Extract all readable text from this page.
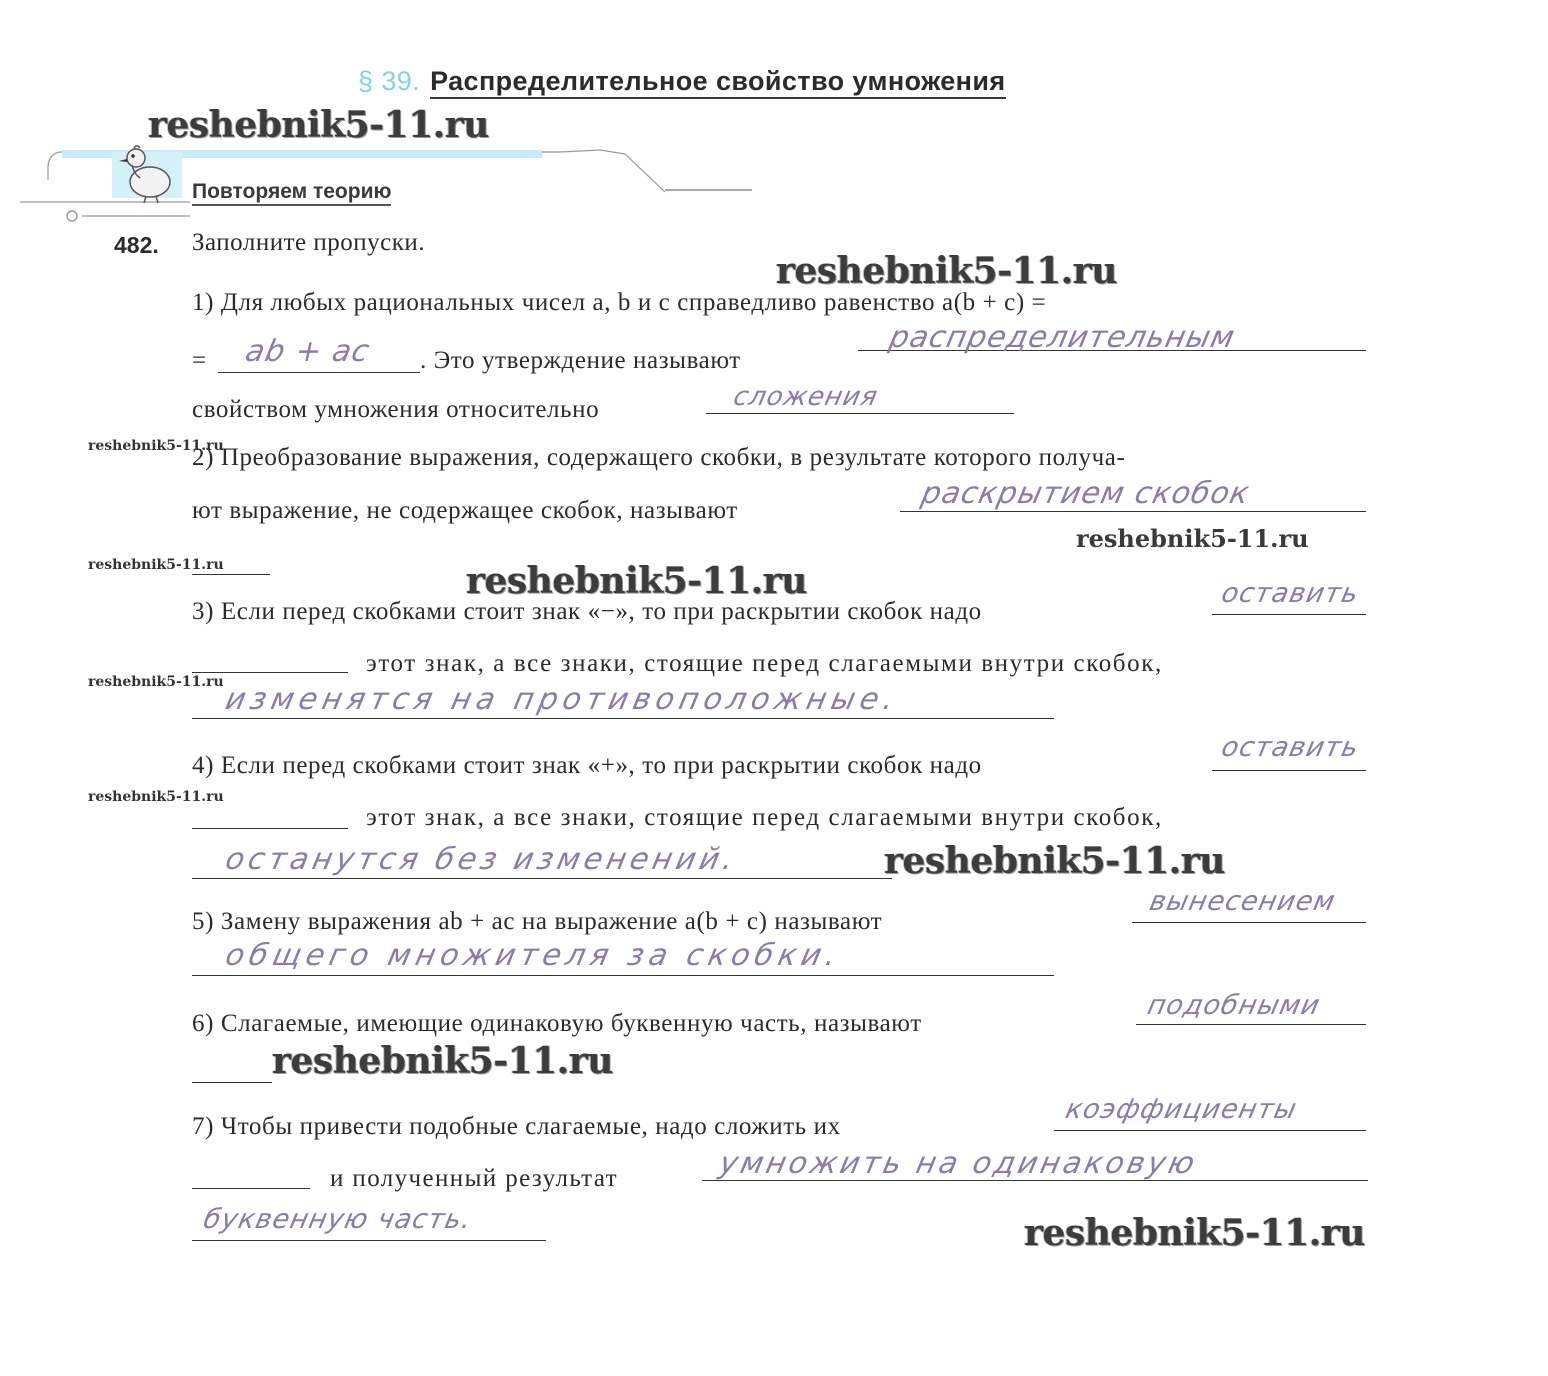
§ 39. Распределительное свойство умножения
Повторяем теорию
482. Заполните пропуски.
1) Для любых рациональных чисел a, b и c справедливо равенство a(b + c) =
= ab + ac . Это утверждение называют
распределительным
свойством умножения относительно	сложения
2) Преобразование выражения, содержащего скобки, в результате которого получа-
ют выражение, не содержащее скобок, называют	раскрытием скобок
3) Если перед скобками стоит знак «−», то при раскрытии скобок надо
оставить
этот знак, а все знаки, стоящие перед слагаемыми внутри скобок,
изменятся на противоположные.
4) Если перед скобками стоит знак «+», то при раскрытии скобок надо
оставить
этот знак, а все знаки, стоящие перед слагаемыми внутри скобок,
останутся без изменений.
5) Замену выражения ab + ac на выражение a(b + c) называют
вынесением
общего множителя за скобки.
6) Слагаемые, имеющие одинаковую буквенную часть, называют
подобными
7) Чтобы привести подобные слагаемые, надо сложить их
коэффициенты
и полученный результат	умножить на одинаковую
буквенную часть.
reshebnik5-11.ru
reshebnik5-11.ru
reshebnik5-11.ru
reshebnik5-11.ru
reshebnik5-11.ru
reshebnik5-11.ru
reshebnik5-11.ru
reshebnik5-11.ru
reshebnik5-11.ru
reshebnik5-11.ru
reshebnik5-11.ru
